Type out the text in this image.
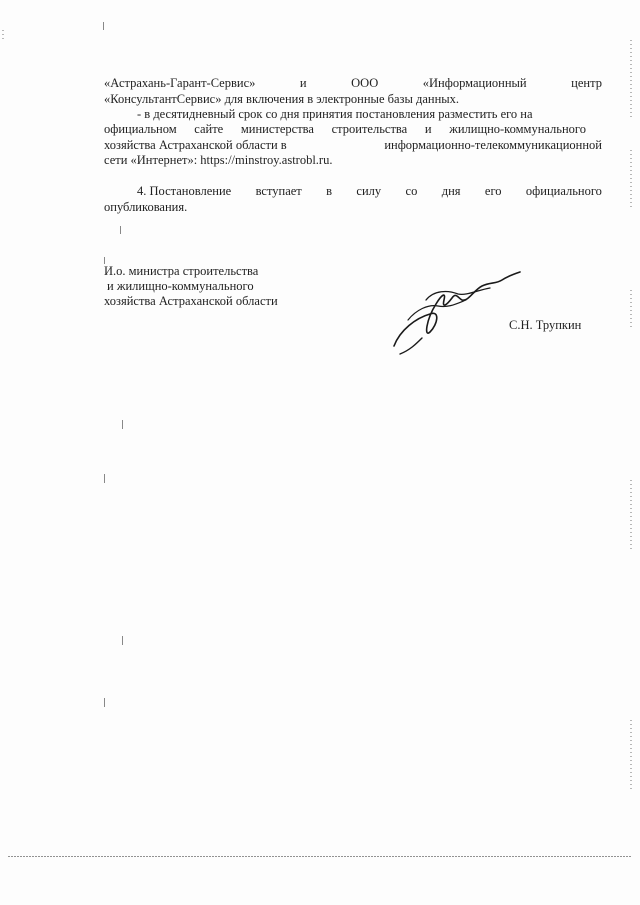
«Астрахань-Гарант-Сервис»	и	ООО	«Информационный	центр
«КонсультантСервис» для включения в электронные базы данных.
- в десятидневный срок со дня принятия постановления разместить его на
официальном сайте министерства строительства и жилищно-коммунального
хозяйства Астраханской области в	информационно-телекоммуникационной
сети «Интернет»: https://minstroy.astrobl.ru.
4. Постановление вступает в силу со дня его официального
опубликования.
И.о. министра строительства
и жилищно-коммунального
хозяйства Астраханской области
С.Н. Трупкин
